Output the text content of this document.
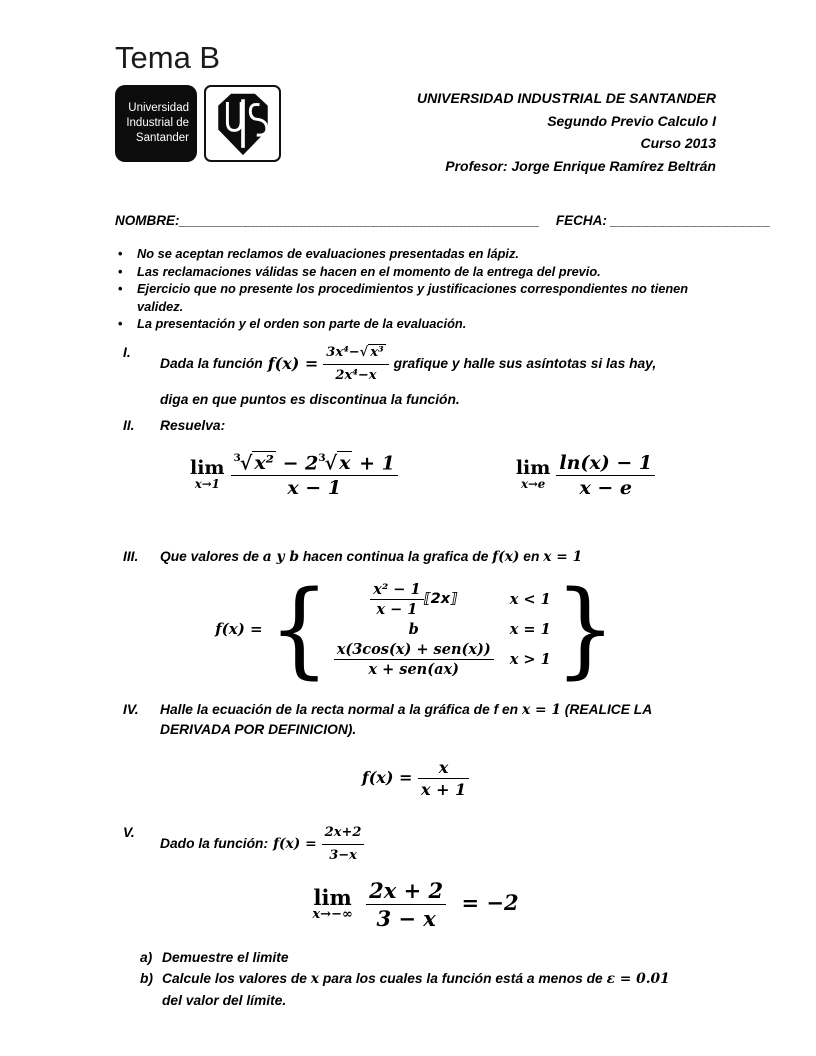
Tema B
Universidad
Industrial de
Santander
UNIVERSIDAD INDUSTRIAL DE SANTANDER
Segundo Previo Calculo I
Curso 2013
Profesor: Jorge Enrique Ramírez Beltrán
NOMBRE:_____________________________________________ FECHA: ____________________
• No se aceptan reclamos de evaluaciones presentadas en lápiz.
• Las reclamaciones válidas se hacen en el momento de la entrega del previo.
• Ejercicio que no presente los procedimientos y justificaciones correspondientes no tienen validez.
• La presentación y el orden son parte de la evaluación.
I.
Dada la función $f(x) = \frac{\text{3x⁴−√ x³}}{\text{2x⁴−x}}$ grafique y halle sus asíntotas si las hay,
diga en que puntos es discontinua la función.
II.	Resuelva:
lim
$x\to 1 \frac{^3√ x^2 - 2^3√ x + 1}{x - 1}$	lim
$x\to e \frac{\ln(x) - 1}{x - e}$
III.	Que valores de a y b hacen continua la grafica de f(x) en x = 1
f(x) = {	$\frac{\text{x² − 1}}{x - 1}$ ⟦2x⟧	x < 1
b	x = 1
$\frac{\text{x(3cos(x) + sen(x))}}{\text{x + sen(ax)}}$ x > 1 }
IV.	Halle la ecuación de la recta normal a la gráfica de f en x = 1 (REALICE LA DERIVADA POR DEFINICION).
$f(x) = \frac{x}{x + 1}$
V.
Dado la función: $f(x) = \frac{2x+2}{3-x}$
lim
x→−∞
$\frac{2x + 2}{3 - x} = -2$
a) Demuestre el limite
b) Calcule los valores de x para los cuales la función está a menos de ε = 0.01
del valor del límite.
